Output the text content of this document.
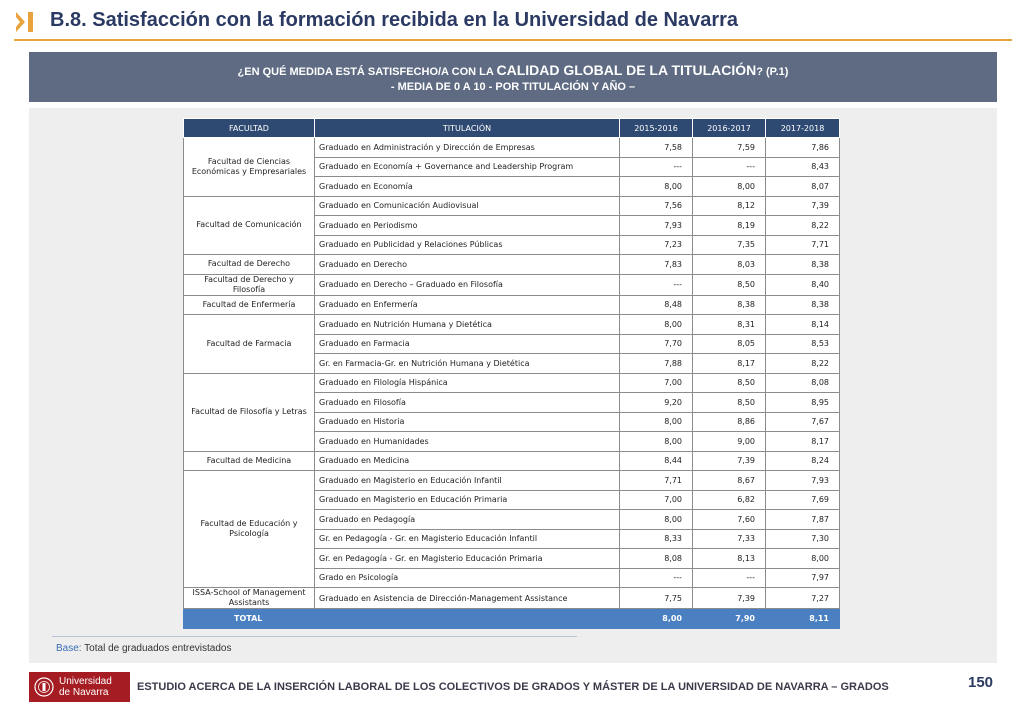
B.8. Satisfacción con la formación recibida en la Universidad de Navarra
¿EN QUÉ MEDIDA ESTÁ SATISFECHO/A CON LA CALIDAD GLOBAL DE LA TITULACIÓN? (P.1)
- MEDIA DE 0 A 10 - POR TITULACIÓN Y AÑO –
FACULTAD	TITULACIÓN	2015-2016	2016-2017	2017-2018
Facultad de Ciencias Económicas y Empresariales	Graduado en Administración y Dirección de Empresas	7,58	7,59	7,86
	Graduado en Economía + Governance and Leadership Program	---	---	8,43
	Graduado en Economía	8,00	8,00	8,07
Facultad de Comunicación	Graduado en Comunicación Audiovisual	7,56	8,12	7,39
	Graduado en Periodismo	7,93	8,19	8,22
	Graduado en Publicidad y Relaciones Públicas	7,23	7,35	7,71
Facultad de Derecho	Graduado en Derecho	7,83	8,03	8,38
Facultad de Derecho y Filosofía	Graduado en Derecho – Graduado en Filosofía	---	8,50	8,40
Facultad de Enfermería	Graduado en Enfermería	8,48	8,38	8,38
Facultad de Farmacia	Graduado en Nutrición Humana y Dietética	8,00	8,31	8,14
	Graduado en Farmacia	7,70	8,05	8,53
	Gr. en Farmacia-Gr. en Nutrición Humana y Dietética	7,88	8,17	8,22
Facultad de Filosofía y Letras	Graduado en Filología Hispánica	7,00	8,50	8,08
	Graduado en Filosofía	9,20	8,50	8,95
	Graduado en Historia	8,00	8,86	7,67
	Graduado en Humanidades	8,00	9,00	8,17
Facultad de Medicina	Graduado en Medicina	8,44	7,39	8,24
Facultad de Educación y Psicología	Graduado en Magisterio en Educación Infantil	7,71	8,67	7,93
	Graduado en Magisterio en Educación Primaria	7,00	6,82	7,69
	Graduado en Pedagogía	8,00	7,60	7,87
	Gr. en Pedagogía - Gr. en Magisterio Educación Infantil	8,33	7,33	7,30
	Gr. en Pedagogía - Gr. en Magisterio Educación Primaria	8,08	8,13	8,00
	Grado en Psicología	---	---	7,97
ISSA-School of Management Assistants	Graduado en Asistencia de Dirección-Management Assistance	7,75	7,39	7,27
TOTAL		8,00	7,90	8,11
Base: Total de graduados entrevistados
Universidad
de Navarra	ESTUDIO ACERCA DE LA INSERCIÓN LABORAL DE LOS COLECTIVOS DE GRADOS Y MÁSTER DE LA UNIVERSIDAD DE NAVARRA – GRADOS	150
